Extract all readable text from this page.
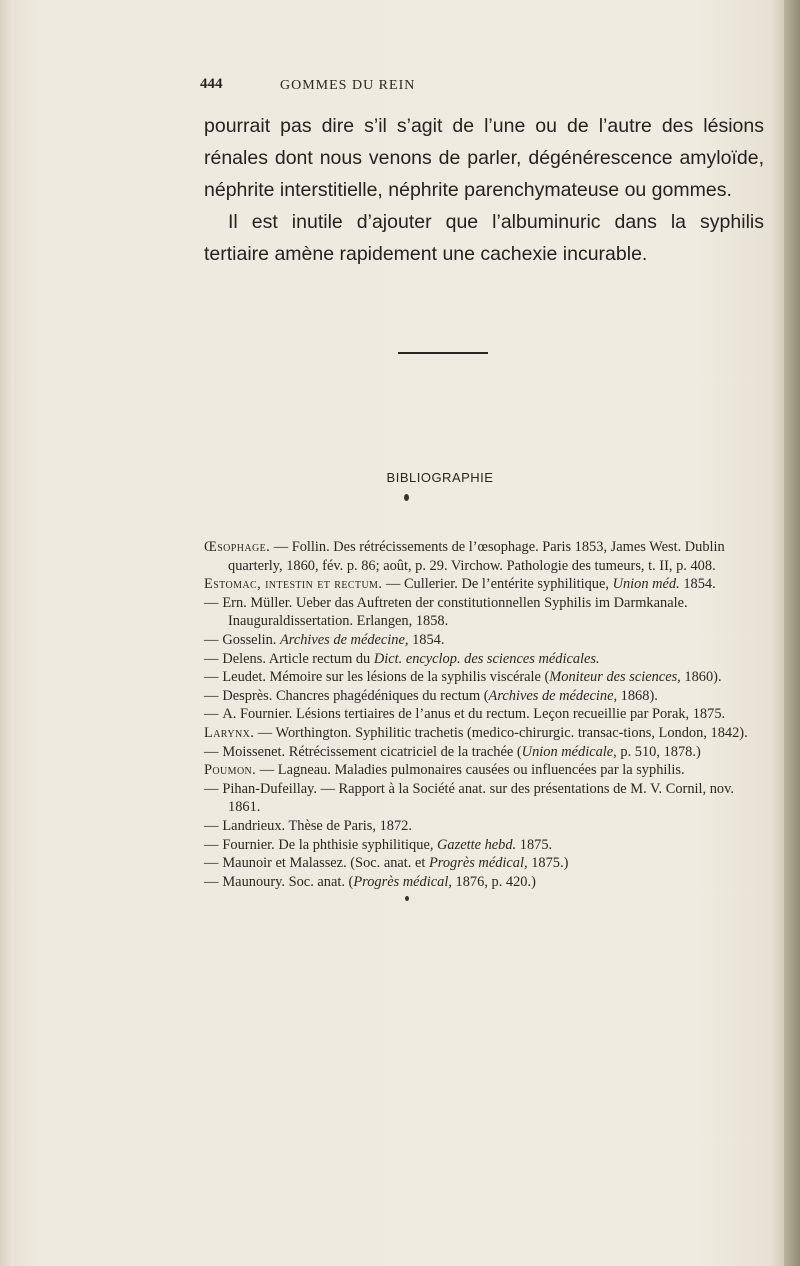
444	GOMMES DU REIN

pourrait pas dire s’il s’agit de l’une ou de l’autre des lésions rénales dont nous venons de parler, dégénérescence amyloïde, néphrite interstitielle, néphrite parenchymateuse ou gommes.

Il est inutile d’ajouter que l’albuminuric dans la syphilis tertiaire amène rapidement une cachexie incurable.

BIBLIOGRAPHIE

Œsophage. — Follin. Des rétrécissements de l’œsophage. Paris 1853, James West. Dublin quarterly, 1860, fév. p. 86; août, p. 29. Virchow. Pathologie des tumeurs, t. II, p. 408.

Estomac, intestin et rectum. — Cullerier. De l’entérite syphilitique, Union méd. 1854.

— Ern. Müller. Ueber das Auftreten der constitutionnellen Syphilis im Darmkanale. Inauguraldissertation. Erlangen, 1858.

— Gosselin. Archives de médecine, 1854.

— Delens. Article rectum du Dict. encyclop. des sciences médicales.

— Leudet. Mémoire sur les lésions de la syphilis viscérale (Moniteur des sciences, 1860).

— Desprès. Chancres phagédéniques du rectum (Archives de médecine, 1868).

— A. Fournier. Lésions tertiaires de l’anus et du rectum. Leçon recueillie par Porak, 1875.

Larynx. — Worthington. Syphilitic trachetis (medico-chirurgic. transac-tions, London, 1842).

— Moissenet. Rétrécissement cicatriciel de la trachée (Union médicale, p. 510, 1878.)

Poumon. — Lagneau. Maladies pulmonaires causées ou influencées par la syphilis.

— Pihan-Dufeillay. — Rapport à la Société anat. sur des présentations de M. V. Cornil, nov. 1861.

— Landrieux. Thèse de Paris, 1872.

— Fournier. De la phthisie syphilitique, Gazette hebd. 1875.

— Maunoir et Malassez. (Soc. anat. et Progrès médical, 1875.)

— Maunoury. Soc. anat. (Progrès médical, 1876, p. 420.)
